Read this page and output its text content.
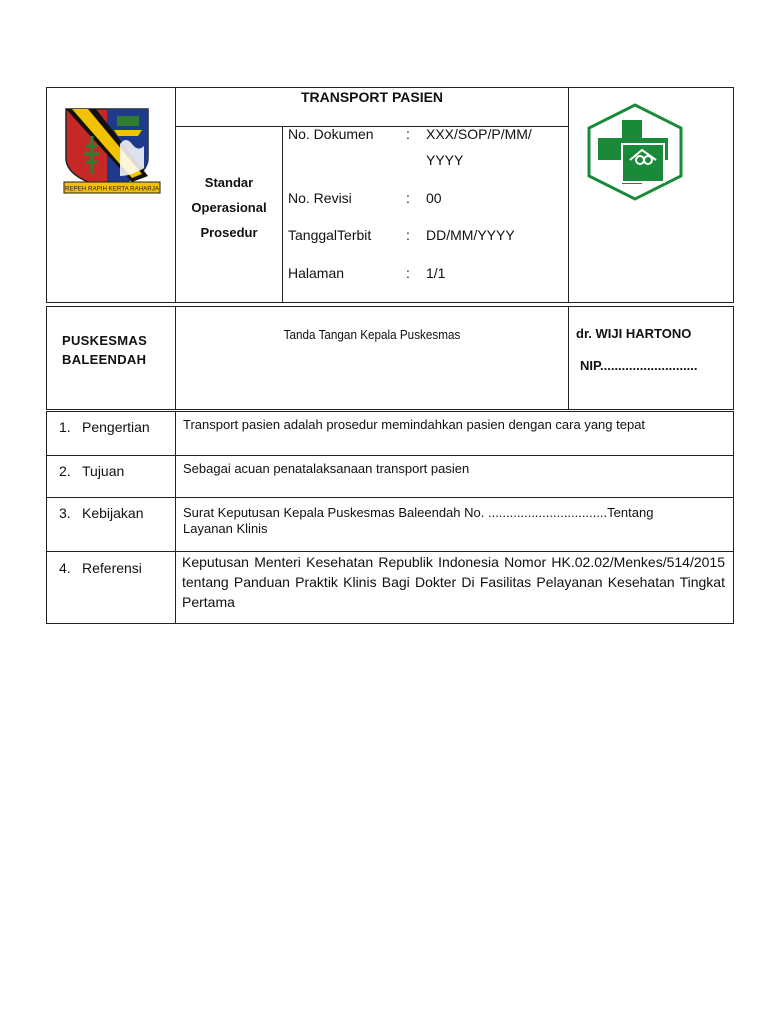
REPEH RAPIH KERTA RAHARJA
TRANSPORT PASIEN
Standar
Operasional
Prosedur
No. Dokumen : XXX/SOP/P/MM/
YYYY
No. Revisi	: 00
TanggalTerbit : DD/MM/YYYY
Halaman	: 1/1
PUSKESMAS
BALEENDAH
Tanda Tangan Kepala Puskesmas	dr. WIJI HARTONO
NIP...........................
1. Pengertian	Transport pasien adalah prosedur memindahkan pasien dengan cara yang tepat
2. Tujuan	Sebagai acuan penatalaksanaan transport pasien
3. Kebijakan	Surat Keputusan Kepala Puskesmas Baleendah No. .................................Tentang Layanan Klinis
4. Referensi	Keputusan Menteri Kesehatan Republik Indonesia Nomor HK.02.02/Menkes/514/2015 tentang Panduan Praktik Klinis Bagi Dokter Di Fasilitas Pelayanan Kesehatan Tingkat Pertama
